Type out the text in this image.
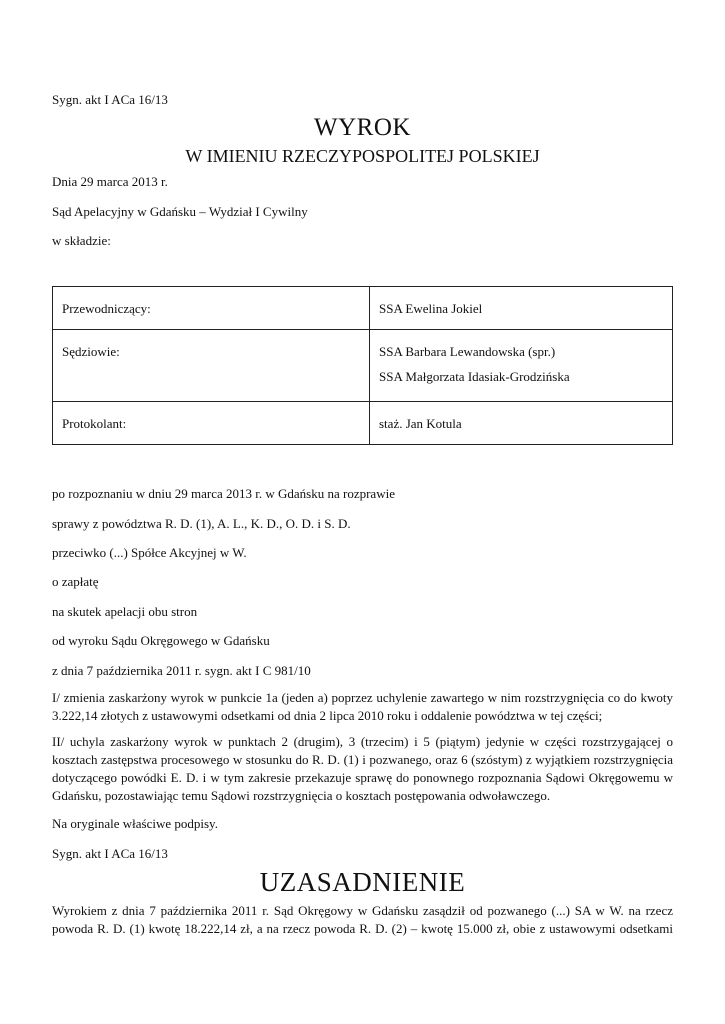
Sygn. akt I ACa 16/13
WYROK
W IMIENIU RZECZYPOSPOLITEJ POLSKIEJ
Dnia 29 marca 2013 r.
Sąd Apelacyjny w Gdańsku – Wydział I Cywilny
w składzie:
Przewodniczący:	SSA Ewelina Jokiel
Sędziowie:	SSA Barbara Lewandowska (spr.)

SSA Małgorzata Idasiak-Grodzińska

Protokolant:	staż. Jan Kotula
po rozpoznaniu w dniu 29 marca 2013 r. w Gdańsku na rozprawie
sprawy z powództwa R. D. (1), A. L., K. D., O. D. i S. D.
przeciwko (...) Spółce Akcyjnej w W.
o zapłatę
na skutek apelacji obu stron
od wyroku Sądu Okręgowego w Gdańsku
z dnia 7 października 2011 r. sygn. akt I C 981/10
I/ zmienia zaskarżony wyrok w punkcie 1a (jeden a) poprzez uchylenie zawartego w nim rozstrzygnięcia co do kwoty
3.222,14 złotych z ustawowymi odsetkami od dnia 2 lipca 2010 roku i oddalenie powództwa w tej części;
II/ uchyla zaskarżony wyrok w punktach 2 (drugim), 3 (trzecim) i 5 (piątym) jedynie w części rozstrzygającej o
kosztach zastępstwa procesowego w stosunku do R. D. (1) i pozwanego, oraz 6 (szóstym) z wyjątkiem rozstrzygnięcia
dotyczącego powódki E. D. i w tym zakresie przekazuje sprawę do ponownego rozpoznania Sądowi Okręgowemu w
Gdańsku, pozostawiając temu Sądowi rozstrzygnięcia o kosztach postępowania odwoławczego.
Na oryginale właściwe podpisy.
Sygn. akt I ACa 16/13
UZASADNIENIE
Wyrokiem z dnia 7 października 2011 r. Sąd Okręgowy w Gdańsku zasądził od pozwanego (...) SA w W. na rzecz
powoda R. D. (1) kwotę 18.222,14 zł, a na rzecz powoda R. D. (2) – kwotę 15.000 zł, obie z ustawowymi odsetkami
